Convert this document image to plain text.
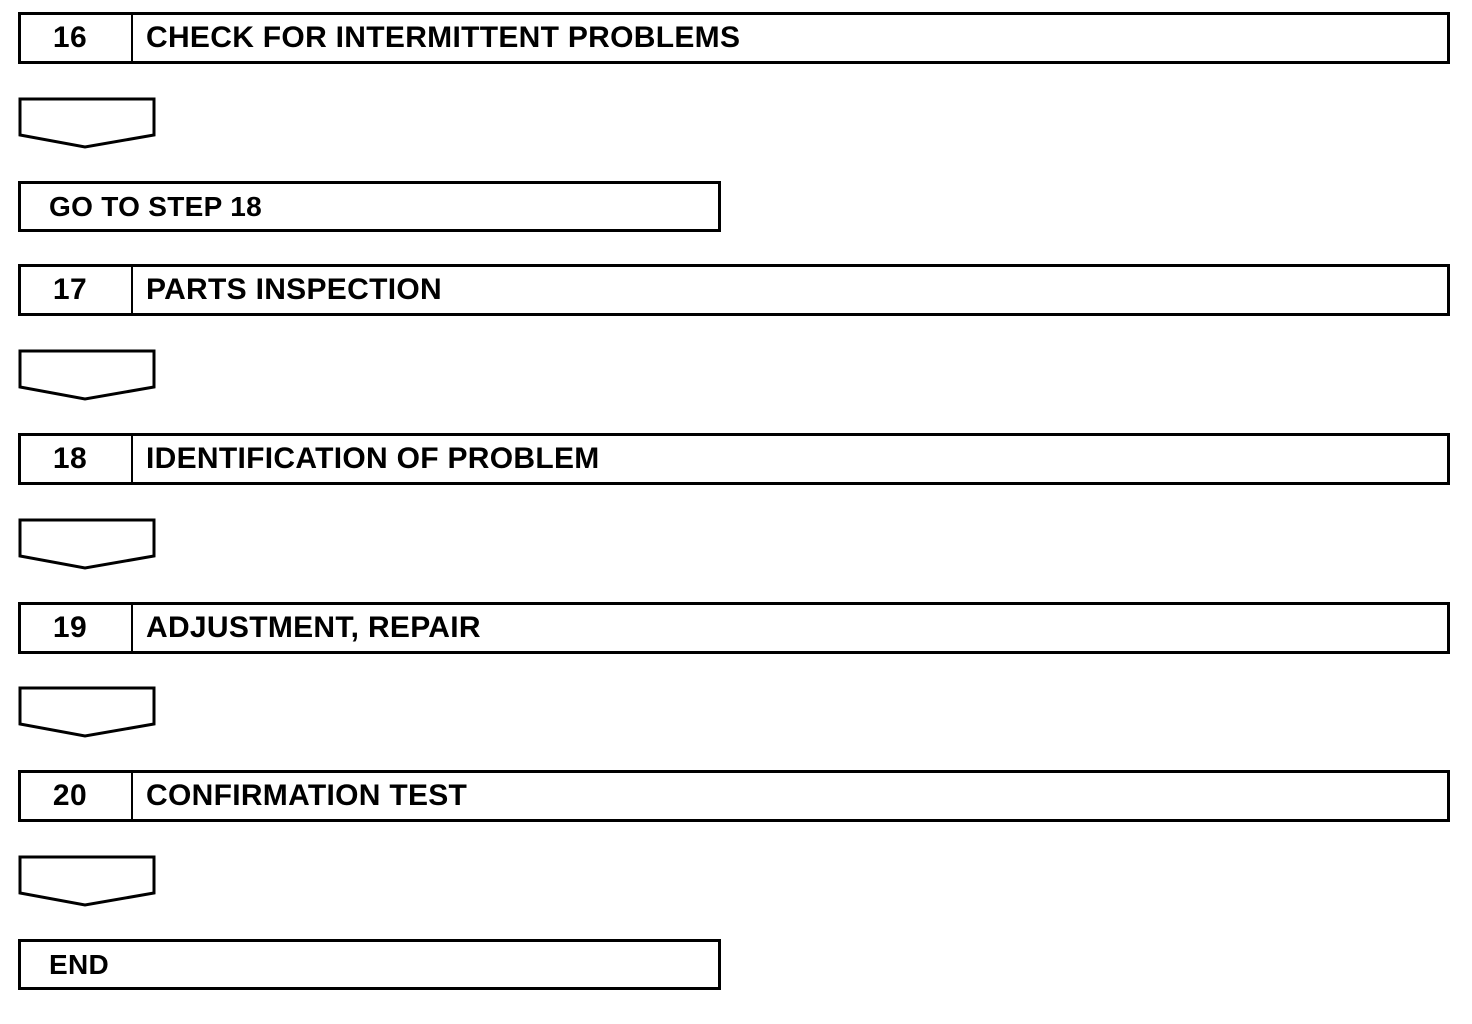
16	CHECK FOR INTERMITTENT PROBLEMS
GO TO STEP 18
17	PARTS INSPECTION
18	IDENTIFICATION OF PROBLEM
19	ADJUSTMENT, REPAIR
20	CONFIRMATION TEST
END
